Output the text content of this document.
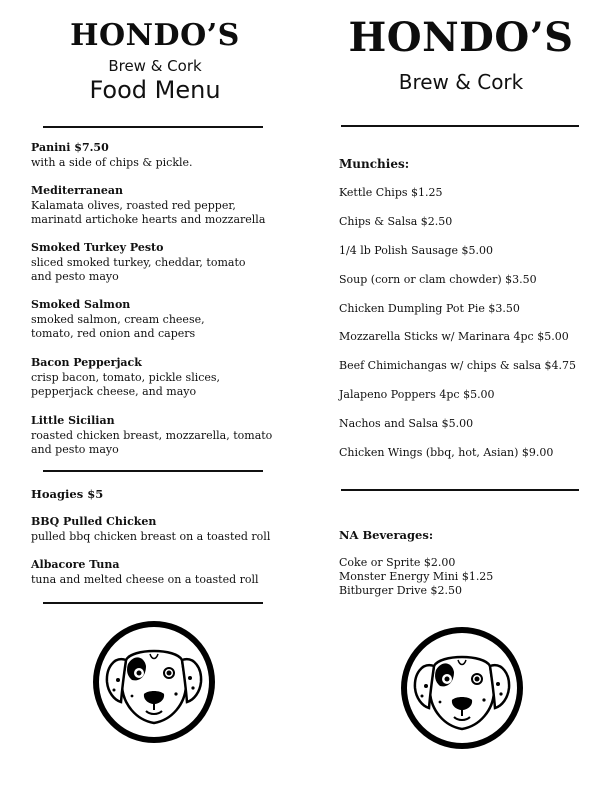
HONDO’S
Brew & Cork
Food Menu
Panini $7.50
with a side of chips & pickle.
Mediterranean
Kalamata olives, roasted red pepper,
marinatd artichoke hearts and mozzarella
Smoked Turkey Pesto
sliced smoked turkey, cheddar, tomato
and pesto mayo
Smoked Salmon
smoked salmon, cream cheese,
tomato, red onion and capers
Bacon Pepperjack
crisp bacon, tomato, pickle slices,
pepperjack cheese, and mayo
Little Sicilian
roasted chicken breast, mozzarella, tomato
and pesto mayo
Hoagies $5
BBQ Pulled Chicken
pulled bbq chicken breast on a toasted roll
Albacore Tuna
tuna and melted cheese on a toasted roll
HONDO’S
Brew & Cork
Munchies:
Kettle Chips $1.25
Chips & Salsa $2.50
1/4 lb Polish Sausage $5.00
Soup (corn or clam chowder) $3.50
Chicken Dumpling Pot Pie $3.50
Mozzarella Sticks w/ Marinara 4pc $5.00
Beef Chimichangas w/ chips & salsa $4.75
Jalapeno Poppers 4pc $5.00
Nachos and Salsa $5.00
Chicken Wings (bbq, hot, Asian) $9.00
NA Beverages:
Coke or Sprite $2.00
Monster Energy Mini $1.25
Bitburger Drive $2.50
